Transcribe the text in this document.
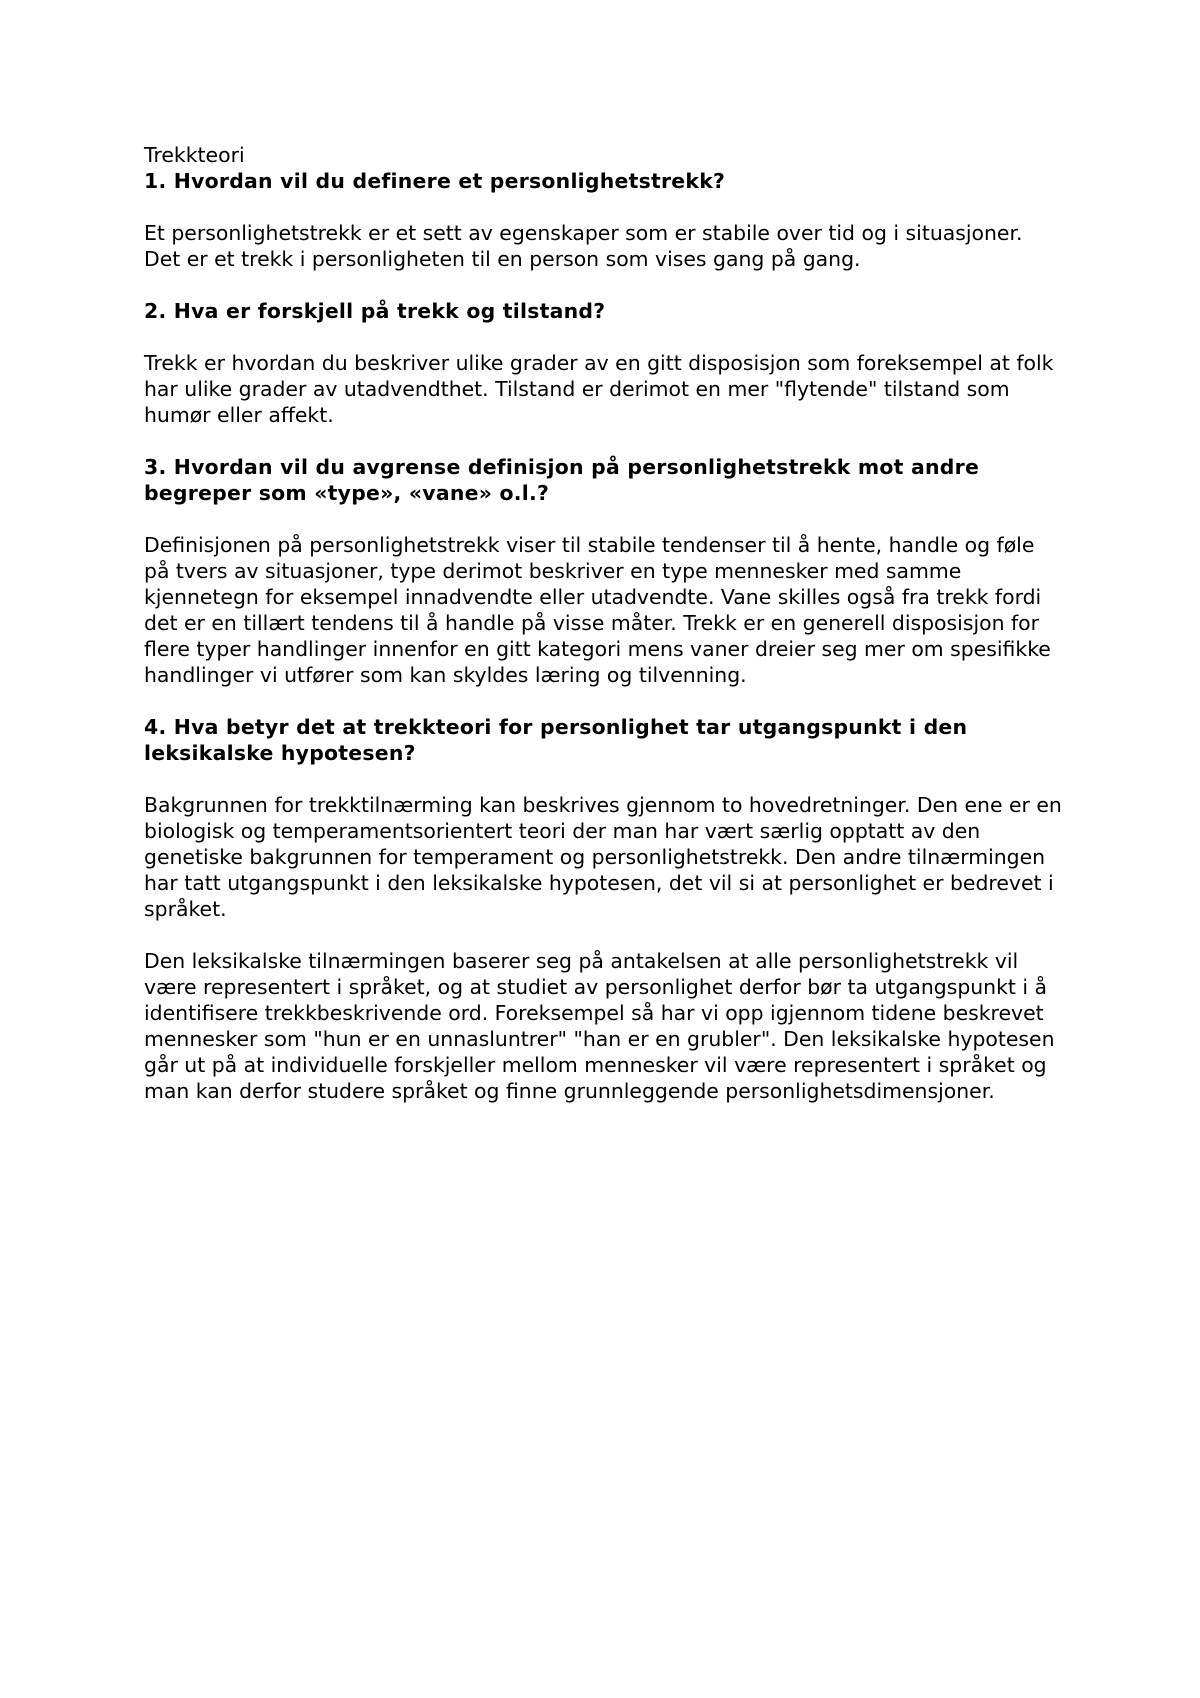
Trekkteori

1. Hvordan vil du definere et personlighetstrekk?

Et personlighetstrekk er et sett av egenskaper som er stabile over tid og i situasjoner. Det er et trekk i personligheten til en person som vises gang på gang.

2. Hva er forskjell på trekk og tilstand?

Trekk er hvordan du beskriver ulike grader av en gitt disposisjon som foreksempel at folk har ulike grader av utadvendthet. Tilstand er derimot en mer "flytende" tilstand som humør eller affekt.

3. Hvordan vil du avgrense definisjon på personlighetstrekk mot andre begreper som «type», «vane» o.l.?

Definisjonen på personlighetstrekk viser til stabile tendenser til å hente, handle og føle på tvers av situasjoner, type derimot beskriver en type mennesker med samme kjennetegn for eksempel innadvendte eller utadvendte. Vane skilles også fra trekk fordi det er en tillært tendens til å handle på visse måter. Trekk er en generell disposisjon for flere typer handlinger innenfor en gitt kategori mens vaner dreier seg mer om spesifikke handlinger vi utfører som kan skyldes læring og tilvenning.

4. Hva betyr det at trekkteori for personlighet tar utgangspunkt i den leksikalske hypotesen?

Bakgrunnen for trekktilnærming kan beskrives gjennom to hovedretninger. Den ene er en biologisk og temperamentsorientert teori der man har vært særlig opptatt av den genetiske bakgrunnen for temperament og personlighetstrekk. Den andre tilnærmingen har tatt utgangspunkt i den leksikalske hypotesen, det vil si at personlighet er bedrevet i språket.

Den leksikalske tilnærmingen baserer seg på antakelsen at alle personlighetstrekk vil være representert i språket, og at studiet av personlighet derfor bør ta utgangspunkt i å identifisere trekkbeskrivende ord. Foreksempel så har vi opp igjennom tidene beskrevet mennesker som "hun er en unnasluntrer" "han er en grubler". Den leksikalske hypotesen går ut på at individuelle forskjeller mellom mennesker vil være representert i språket og man kan derfor studere språket og finne grunnleggende personlighetsdimensjoner.
